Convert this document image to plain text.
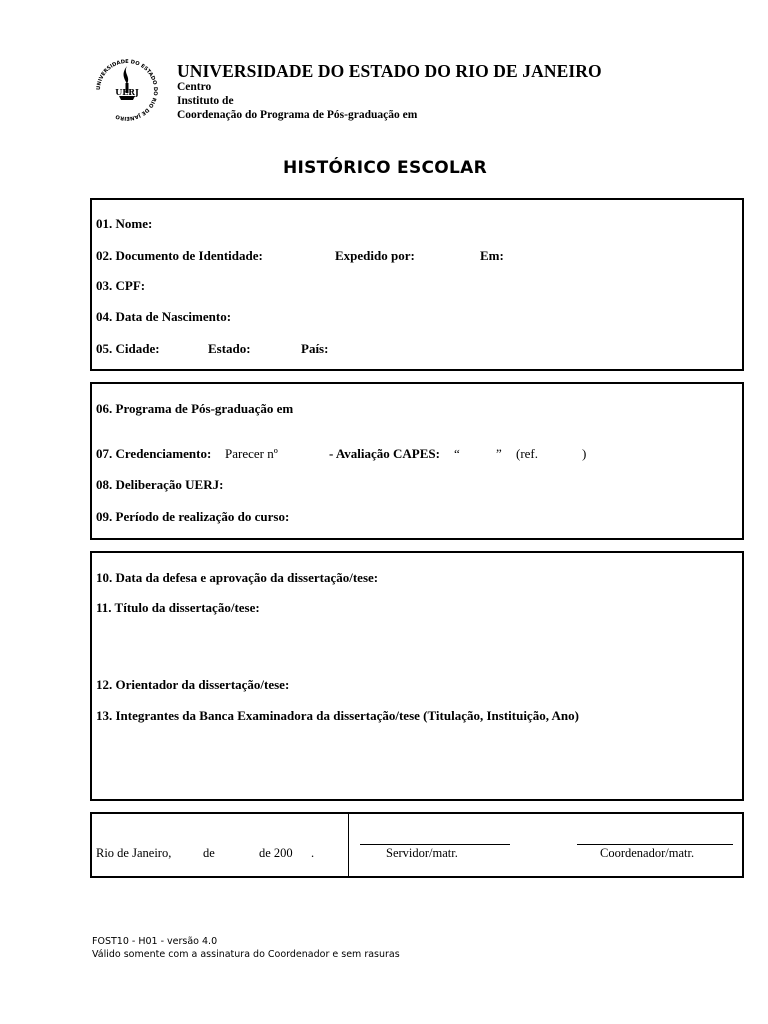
UNIVERSIDADE DO ESTADO DO RIO DE JANEIRO
UERJ
UNIVERSIDADE DO ESTADO DO RIO DE JANEIRO
Centro
Instituto de
Coordenação do Programa de Pós-graduação em
HISTÓRICO ESCOLAR
01. Nome:
02. Documento de Identidade:	Expedido por:	Em:
03. CPF:
04. Data de Nascimento:
05. Cidade:	Estado:	País:
06. Programa de Pós-graduação em
07. Credenciamento: Parecer nº	- Avaliação CAPES: “	” (ref.	)
08. Deliberação UERJ:
09. Período de realização do curso:
10. Data da defesa e aprovação da dissertação/tese:
11. Título da dissertação/tese:
12. Orientador da dissertação/tese:
13. Integrantes da Banca Examinadora da dissertação/tese (Titulação, Instituição, Ano)
Rio de Janeiro,	de	de 200 .	Servidor/matr.	Coordenador/matr.
FOST10 - H01 - versão 4.0
Válido somente com a assinatura do Coordenador e sem rasuras
